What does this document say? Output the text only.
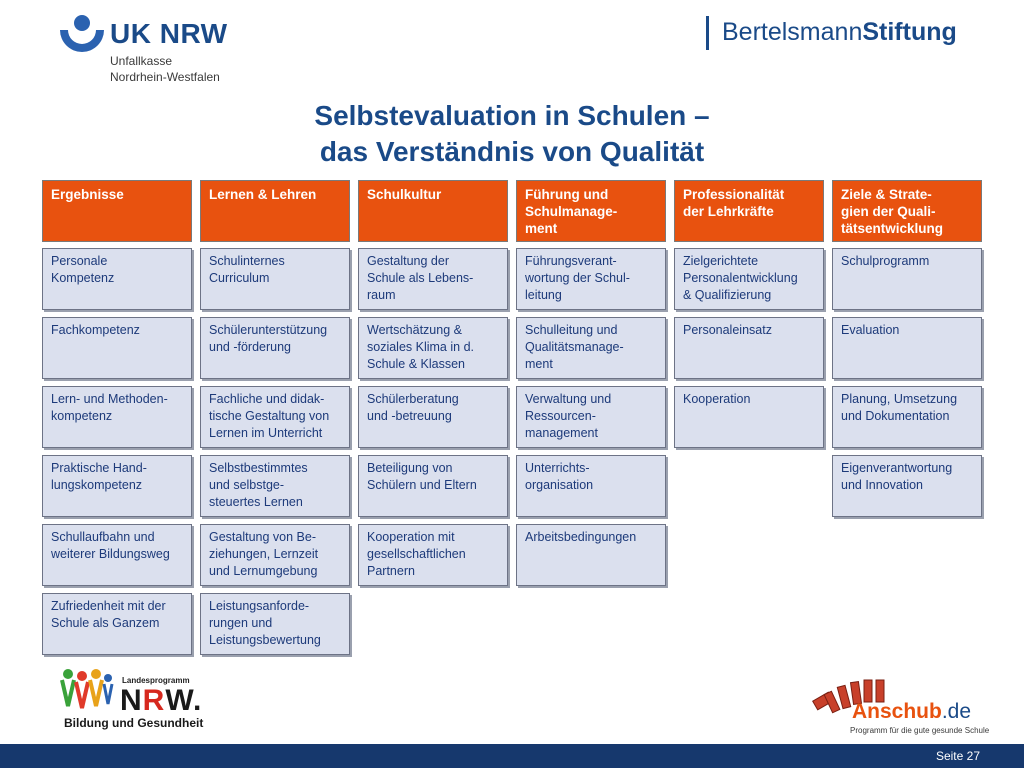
UK NRW
Unfallkasse
Nordrhein-Westfalen
BertelsmannStiftung
Selbstevaluation in Schulen –
das Verständnis von Qualität
Ergebnisse
Personale
Kompetenz
Fachkompetenz
Lern- und Methoden-
kompetenz
Praktische Hand-
lungskompetenz
Schullaufbahn und
weiterer Bildungsweg
Zufriedenheit mit der
Schule als Ganzem
Lernen & Lehren
Schulinternes
Curriculum
Schülerunterstützung
und -förderung
Fachliche und didak-
tische Gestaltung von
Lernen im Unterricht
Selbstbestimmtes
und selbstge-
steuertes Lernen
Gestaltung von Be-
ziehungen, Lernzeit
und Lernumgebung
Leistungsanforde-
rungen und
Leistungsbewertung
Schulkultur
Gestaltung der
Schule als Lebens-
raum
Wertschätzung &
soziales Klima in d.
Schule & Klassen
Schülerberatung
und -betreuung
Beteiligung von
Schülern und Eltern
Kooperation mit
gesellschaftlichen
Partnern
Führung und
Schulmanage-
ment
Führungsverant-
wortung der Schul-
leitung
Schulleitung und
Qualitätsmanage-
ment
Verwaltung und
Ressourcen-
management
Unterrichts-
organisation
Arbeitsbedingungen
Professionalität
der Lehrkräfte
Zielgerichtete
Personalentwicklung
& Qualifizierung
Personaleinsatz
Kooperation
Ziele & Strate-
gien der Quali-
tätsentwicklung
Schulprogramm
Evaluation
Planung, Umsetzung
und Dokumentation
Eigenverantwortung
und Innovation
Landesprogramm
NRW.
Bildung und Gesundheit	Anschub.de
Programm für die gute gesunde Schule
Seite 27
